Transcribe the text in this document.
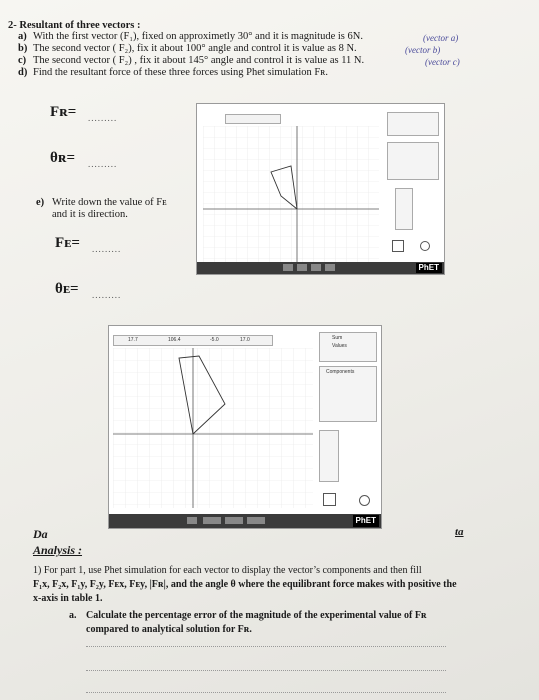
2- Resultant of three vectors :
a) With the first vector (F₁), fixed on approximetly 30° and it is magnitude is 6N.	(vector a)
b) The second vector ( F₂), fix it about 100° angle and control it is value as 8 N.	(vector b)
c) The second vector ( F₂) , fix it about 145° angle and control it is value as 11 N.	(vector c)
d) Find the resultant force of these three forces using Phet simulation Fʀ.
Fʀ= .........
θʀ= .........
e) Write down the value of Fᴇ
and it is direction.
Fᴇ= .........
θᴇ= .........
PhET
17.7	106.4	-5.0	17.0	Sum
Values
Components
PhET
ta
Da
Analysis :
1) For part 1, use Phet simulation for each vector to display the vector’s components and then fill
F₁x, F₂x, F₁y, F₂y, Fᴇx, Fᴇy, |Fʀ|, and the angle θ where the equilibrant force makes with positive the
x-axis in table 1.
a. Calculate the percentage error of the magnitude of the experimental value of Fʀ
compared to analytical solution for Fʀ.
